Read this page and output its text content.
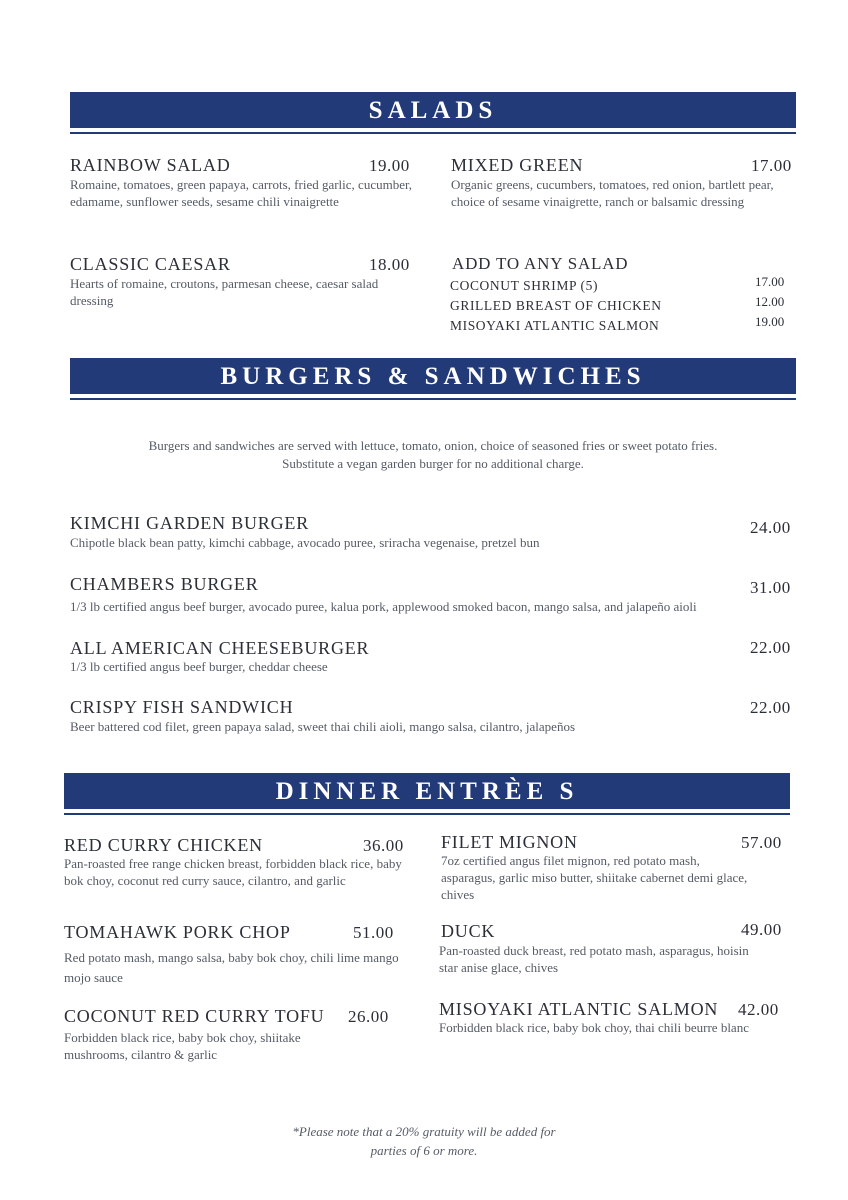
SALADS
RAINBOW SALAD	19.00
Romaine, tomatoes, green papaya, carrots, fried garlic, cucumber, edamame, sunflower seeds, sesame chili vinaigrette
MIXED GREEN	17.00
Organic greens, cucumbers, tomatoes, red onion, bartlett pear, choice of sesame vinaigrette, ranch or balsamic dressing
CLASSIC CAESAR	18.00
Hearts of romaine, croutons, parmesan cheese, caesar salad dressing
ADD TO ANY SALAD
COCONUT SHRIMP (5)	17.00
GRILLED BREAST OF CHICKEN	12.00
MISOYAKI ATLANTIC SALMON	19.00
BURGERS & SANDWICHES
Burgers and sandwiches are served with lettuce, tomato, onion, choice of seasoned fries or sweet potato fries.
Substitute a vegan garden burger for no additional charge.
KIMCHI GARDEN BURGER	24.00
Chipotle black bean patty, kimchi cabbage, avocado puree, sriracha vegenaise, pretzel bun
CHAMBERS BURGER	31.00
1/3 lb certified angus beef burger, avocado puree, kalua pork, applewood smoked bacon, mango salsa, and jalapeño aioli
ALL AMERICAN CHEESEBURGER	22.00
1/3 lb certified angus beef burger, cheddar cheese
CRISPY FISH SANDWICH	22.00
Beer battered cod filet, green papaya salad, sweet thai chili aioli, mango salsa, cilantro, jalapeños
DINNER ENTRÈE S
RED CURRY CHICKEN	36.00
Pan-roasted free range chicken breast, forbidden black rice, baby bok choy, coconut red curry sauce, cilantro, and garlic
FILET MIGNON	57.00
7oz certified angus filet mignon, red potato mash, asparagus, garlic miso butter, shiitake cabernet demi glace, chives
TOMAHAWK PORK CHOP	51.00
Red potato mash, mango salsa, baby bok choy, chili lime mango mojo sauce
DUCK	49.00
Pan-roasted duck breast, red potato mash, asparagus, hoisin star anise glace, chives
COCONUT RED CURRY TOFU 26.00
Forbidden black rice, baby bok choy, shiitake mushrooms, cilantro & garlic
MISOYAKI ATLANTIC SALMON 42.00
Forbidden black rice, baby bok choy, thai chili beurre blanc
*Please note that a 20% gratuity will be added for
parties of 6 or more.
